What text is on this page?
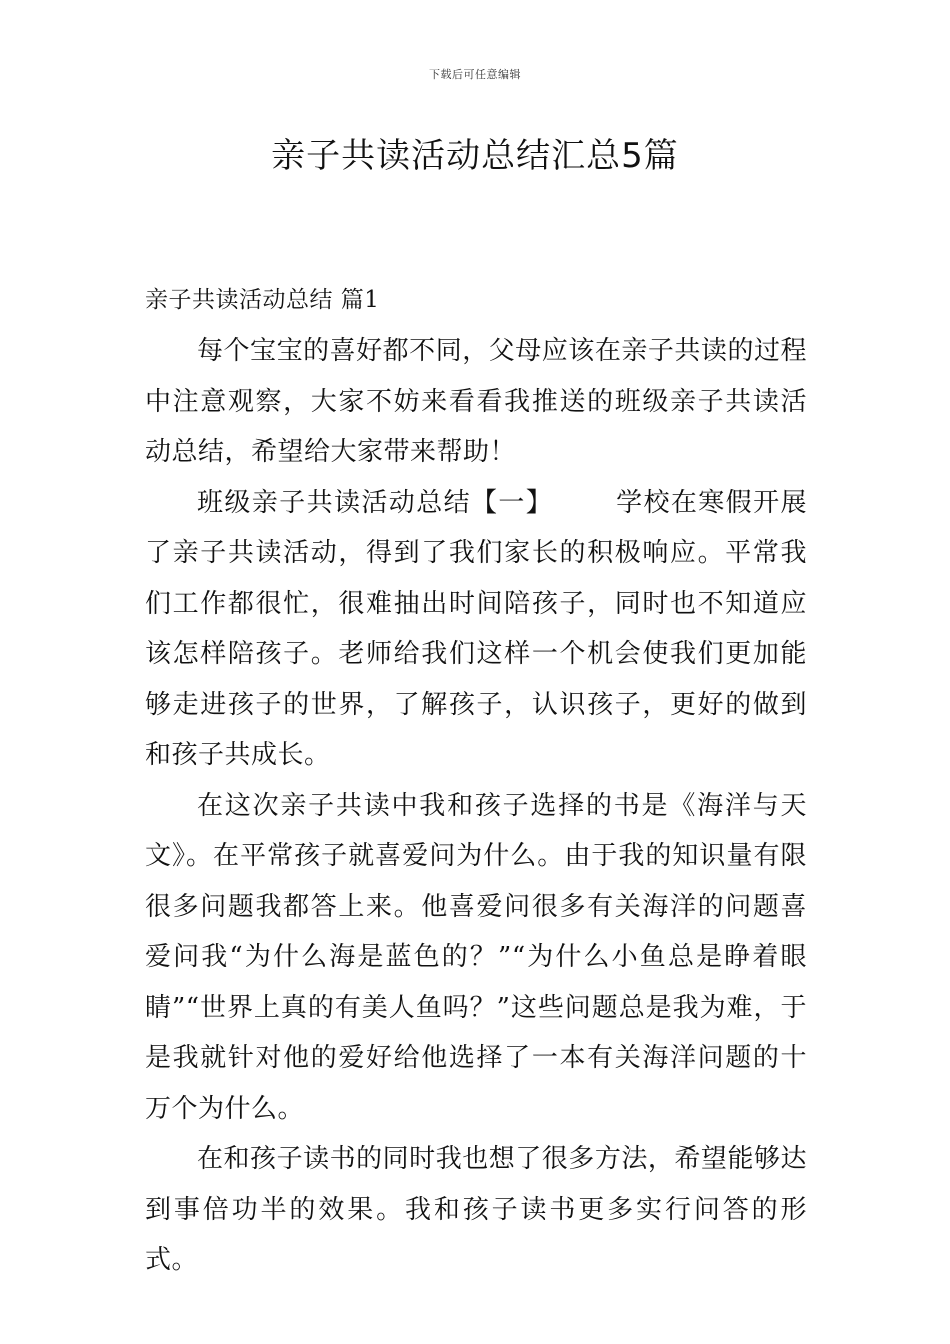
下载后可任意编辑
亲子共读活动总结汇总5篇
亲子共读活动总结 篇1

每个宝宝的喜好都不同，父母应该在亲子共读的过程中注意观察，大家不妨来看看我推送的班级亲子共读活动总结，希望给大家带来帮助！

班级亲子共读活动总结【一】 学校在寒假开展了亲子共读活动，得到了我们家长的积极响应。平常我们工作都很忙，很难抽出时间陪孩子，同时也不知道应该怎样陪孩子。老师给我们这样一个机会使我们更加能够走进孩子的世界，了解孩子，认识孩子，更好的做到和孩子共成长。

在这次亲子共读中我和孩子选择的书是《海洋与天文》。在平常孩子就喜爱问为什么。由于我的知识量有限很多问题我都答上来。他喜爱问很多有关海洋的问题喜爱问我“为什么海是蓝色的？”“为什么小鱼总是睁着眼睛”“世界上真的有美人鱼吗？”这些问题总是我为难，于是我就针对他的爱好给他选择了一本有关海洋问题的十万个为什么。

在和孩子读书的同时我也想了很多方法，希望能够达到事倍功半的效果。我和孩子读书更多实行问答的形式。
